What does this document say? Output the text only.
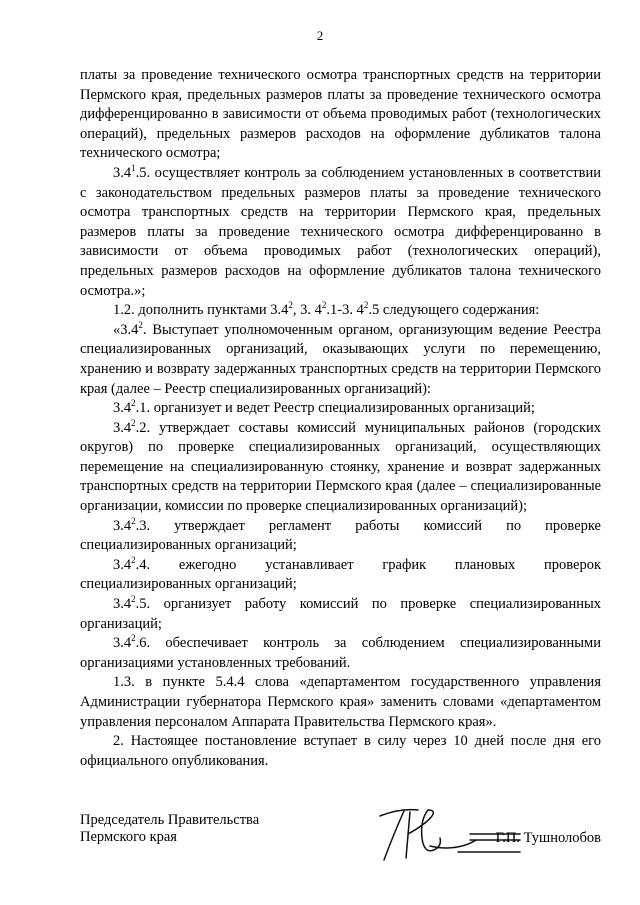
2

платы за проведение технического осмотра транспортных средств на территории Пермского края, предельных размеров платы за проведение технического осмотра дифференцированно в зависимости от объема проводимых работ (технологических операций), предельных размеров расходов на оформление дубликатов талона технического осмотра;

$3.4^1.5$. осуществляет контроль за соблюдением установленных в соответствии с законодательством предельных размеров платы за проведение технического осмотра транспортных средств на территории Пермского края, предельных размеров платы за проведение технического осмотра дифференцированно в зависимости от объема проводимых работ (технологических операций), предельных размеров расходов на оформление дубликатов талона технического осмотра.»;

1.2. дополнить пунктами $3.4^2$, 3. $4^2.1-3$. $4^2.5$ следующего содержания:

«$3.4^2$. Выступает уполномоченным органом, организующим ведение Реестра специализированных организаций, оказывающих услуги по перемещению, хранению и возврату задержанных транспортных средств на территории Пермского края (далее – Реестр специализированных организаций):

$3.4^2.1$. организует и ведет Реестр специализированных организаций;

$3.4^2.2$. утверждает составы комиссий муниципальных районов (городских округов) по проверке специализированных организаций, осуществляющих перемещение на специализированную стоянку, хранение и возврат задержанных транспортных средств на территории Пермского края (далее – специализированные организации, комиссии по проверке специализированных организаций);

$3.4^2.3$. утверждает регламент работы комиссий по проверке специализированных организаций;

$3.4^2.4$. ежегодно устанавливает график плановых проверок специализированных организаций;

$3.4^2.5$. организует работу комиссий по проверке специализированных организаций;

$3.4^2.6$. обеспечивает контроль за соблюдением специализированными организациями установленных требований.

1.3. в пункте 5.4.4 слова «департаментом государственного управления Администрации губернатора Пермского края» заменить словами «департаментом управления персоналом Аппарата Правительства Пермского края».

2. Настоящее постановление вступает в силу через 10 дней после дня его официального опубликования.

Председатель Правительства
Пермского края	Г.П. Тушнолобов
